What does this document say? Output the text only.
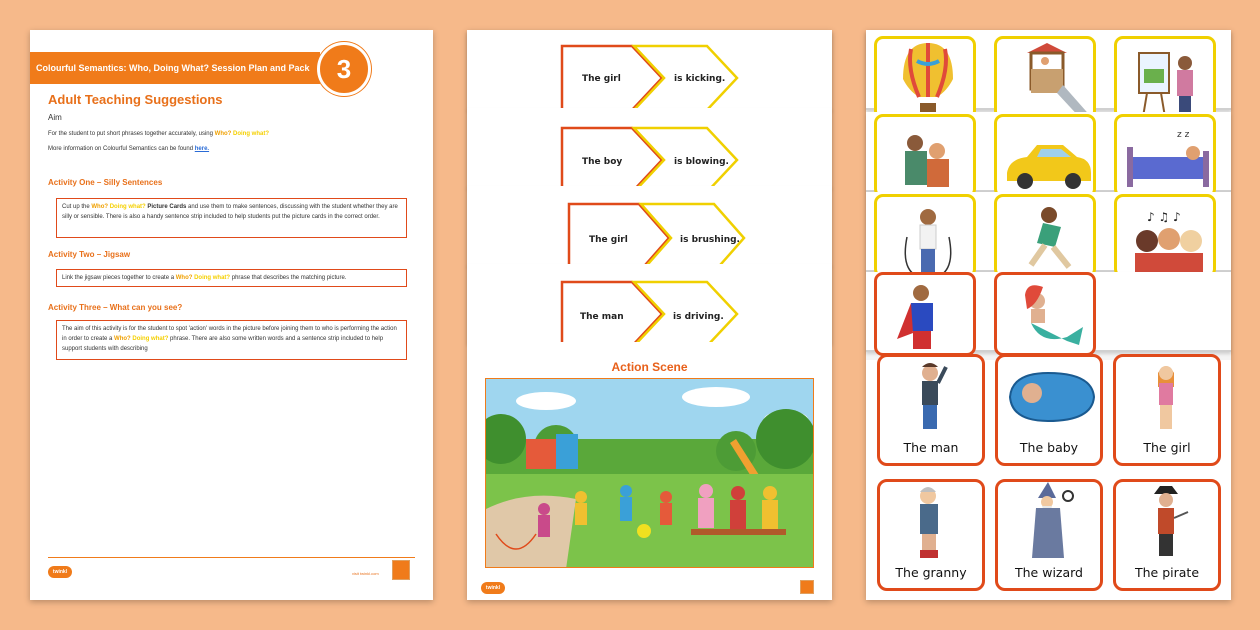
Colourful Semantics: Who, Doing What? Session Plan and Pack	3
Adult Teaching Suggestions
Aim
For the student to put short phrases together accurately, using Who? Doing what?
More information on Colourful Semantics can be found here.
Activity One – Silly Sentences
Cut up the Who? Doing what? Picture Cards and use them to make sentences, discussing with the student whether they are silly or sensible. There is also a handy sentence strip included to help students put the picture cards in the correct order.
Activity Two – Jigsaw
Link the jigsaw pieces together to create a Who? Doing what? phrase that describes the matching picture.
Activity Three – What can you see?
The aim of this activity is for the student to spot 'action' words in the picture before joining them to who is performing the action in order to create a Who? Doing what? phrase. There are also some written words and a sentence strip included to help support students with describing
twinkl	visit twinkl.com
The girl	is kicking.
The boy	is blowing.
The girl	is brushing.
The man	is driving.
Action Scene
twinkl
z z
♪ ♫ ♪
The man	The baby	The girl
The granny	The wizard	The pirate
